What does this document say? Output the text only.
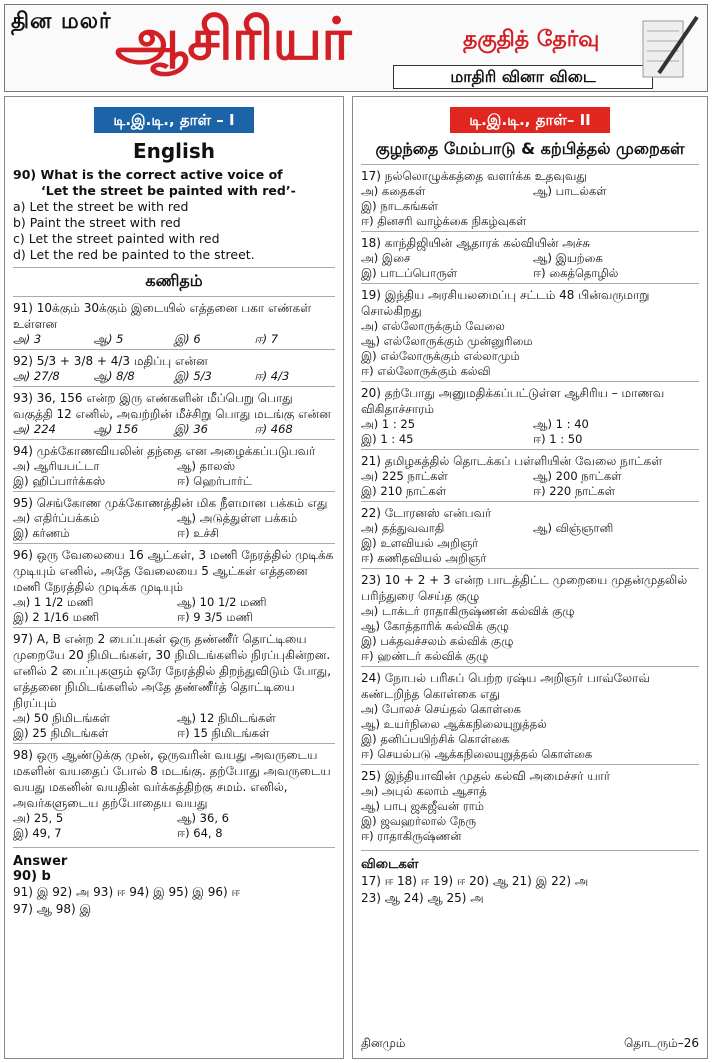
தின மலர் ஆசிரியர்	தகுதித் தேர்வு
மாதிரி வினா விடை
டி.இ.டி., தாள் – I
English
90) What is the correct active voice of
‘Let the street be painted with red’-
a) Let the street be with red
b) Paint the street with red
c) Let the street painted with red
d) Let the red be painted to the street.
கணிதம்
91) 10க்கும் 30க்கும் இடையில் எத்தனை பகா எண்கள் உள்ளன
அ) 3	ஆ) 5	இ) 6	ஈ) 7
92) 5/3 + 3/8 + 4/3 மதிப்பு என்ன
அ) 27/8	ஆ) 8/8	இ) 5/3	ஈ) 4/3
93) 36, 156 என்ற இரு எண்களின் மீப்பெறு பொது வகுத்தி 12 எனில், அவற்றின் மீச்சிறு பொது மடங்கு என்ன
அ) 224	ஆ) 156	இ) 36	ஈ) 468
94) முக்கோணவியலின் தந்தை என அழைக்கப்படுபவர்
அ) ஆரியபட்டா	ஆ) தாலஸ்
இ) ஹிப்பார்க்கஸ்	ஈ) ஹெர்பார்ட்
95) செங்கோண முக்கோணத்தின் மிக நீளமான பக்கம் எது
அ) எதிர்ப்பக்கம்	ஆ) அடுத்துள்ள பக்கம்
இ) கர்ணம்	ஈ) உச்சி
96) ஒரு வேலையை 16 ஆட்கள், 3 மணி நேரத்தில் முடிக்க முடியும் எனில், அதே வேலையை 5 ஆட்கள் எத்தனை மணி நேரத்தில் முடிக்க முடியும்
அ) 1 1/2 மணி	ஆ) 10 1/2 மணி
இ) 2 1/16 மணி	ஈ) 9 3/5 மணி
97) A, B என்ற 2 பைப்புகள் ஒரு தண்ணீர் தொட்டியை முறையே 20 நிமிடங்கள், 30 நிமிடங்களில் நிரப்புகின்றன. எனில் 2 பைப்புகளும் ஒரே நேரத்தில் திறந்துவிடும் போது, எத்தனை நிமிடங்களில் அதே தண்ணீர்த் தொட்டியை நிரப்பும்
அ) 50 நிமிடங்கள்	ஆ) 12 நிமிடங்கள்
இ) 25 நிமிடங்கள்	ஈ) 15 நிமிடங்கள்
98) ஒரு ஆண்டுக்கு முன், ஒருவரின் வயது அவருடைய மகளின் வயதைப் போல் 8 மடங்கு. தற்போது அவருடைய வயது மகனின் வயதின் வர்க்கத்திற்கு சமம். எனில், அவர்களுடைய தற்போதைய வயது
அ) 25, 5	ஆ) 36, 6
இ) 49, 7	ஈ) 64, 8
Answer
90) b
91) இ 92) அ 93) ஈ 94) இ 95) இ 96) ஈ
97) ஆ 98) இ
டி.இ.டி., தாள்– II
குழந்தை மேம்பாடு & கற்பித்தல் முறைகள்
17) நல்லொழுக்கத்தை வளர்க்க உதவுவது
அ) கதைகள்	ஆ) பாடல்கள்
இ) நாடகங்கள்
ஈ) தினசரி வாழ்க்கை நிகழ்வுகள்
18) காந்திஜியின் ஆதாரக் கல்வியின் அச்சு
அ) இசை	ஆ) இயற்கை
இ) பாடப்பொருள்	ஈ) கைத்தொழில்
19) இந்திய அரசியலமைப்பு சட்டம் 48 பின்வருமாறு சொல்கிறது
அ) எல்லோருக்கும் வேலை
ஆ) எல்லோருக்கும் முன்னுரிமை
இ) எல்லோருக்கும் எல்லாமும்
ஈ) எல்லோருக்கும் கல்வி
20) தற்போது அனுமதிக்கப்பட்டுள்ள ஆசிரிய – மாணவ விகிதாச்சாரம்
அ) 1 : 25	ஆ) 1 : 40
இ) 1 : 45	ஈ) 1 : 50
21) தமிழகத்தில் தொடக்கப் பள்ளியின் வேலை நாட்கள்
அ) 225 நாட்கள்	ஆ) 200 நாட்கள்
இ) 210 நாட்கள்	ஈ) 220 நாட்கள்
22) டோரனஸ் என்பவர்
அ) தத்துவவாதி	ஆ) விஞ்ஞானி
இ) உளவியல் அறிஞர்
ஈ) கணிதவியல் அறிஞர்
23) 10 + 2 + 3 என்ற பாடத்திட்ட முறையை முதன்முதலில் பரிந்துரை செய்த குழு
அ) டாக்டர் ராதாகிருஷ்ணன் கல்விக் குழு
ஆ) கோத்தாரிக் கல்விக் குழு
இ) பக்தவச்சலம் கல்விக் குழு
ஈ) ஹண்டர் கல்விக் குழு
24) நோபல் பரிசுப் பெற்ற ரஷ்ய அறிஞர் பாவ்லோவ் கண்டறிந்த கொள்கை எது
அ) போலச் செய்தல் கொள்கை
ஆ) உயர்நிலை ஆக்கநிலையுறுத்தல்
இ) தனிப்பயிற்சிக் கொள்கை
ஈ) செயல்படு ஆக்கநிலையுறுத்தல் கொள்கை
25) இந்தியாவின் முதல் கல்வி அமைச்சர் யார்
அ) அபுல் கலாம் ஆசாத்
ஆ) பாபு ஜகஜீவன் ராம்
இ) ஜவஹர்லால் நேரு
ஈ) ராதாகிருஷ்ணன்
விடைகள்
17) ஈ 18) ஈ 19) ஈ 20) ஆ 21) இ 22) அ
23) ஆ 24) ஆ 25) அ
தினமும்	தொடரும்–26
